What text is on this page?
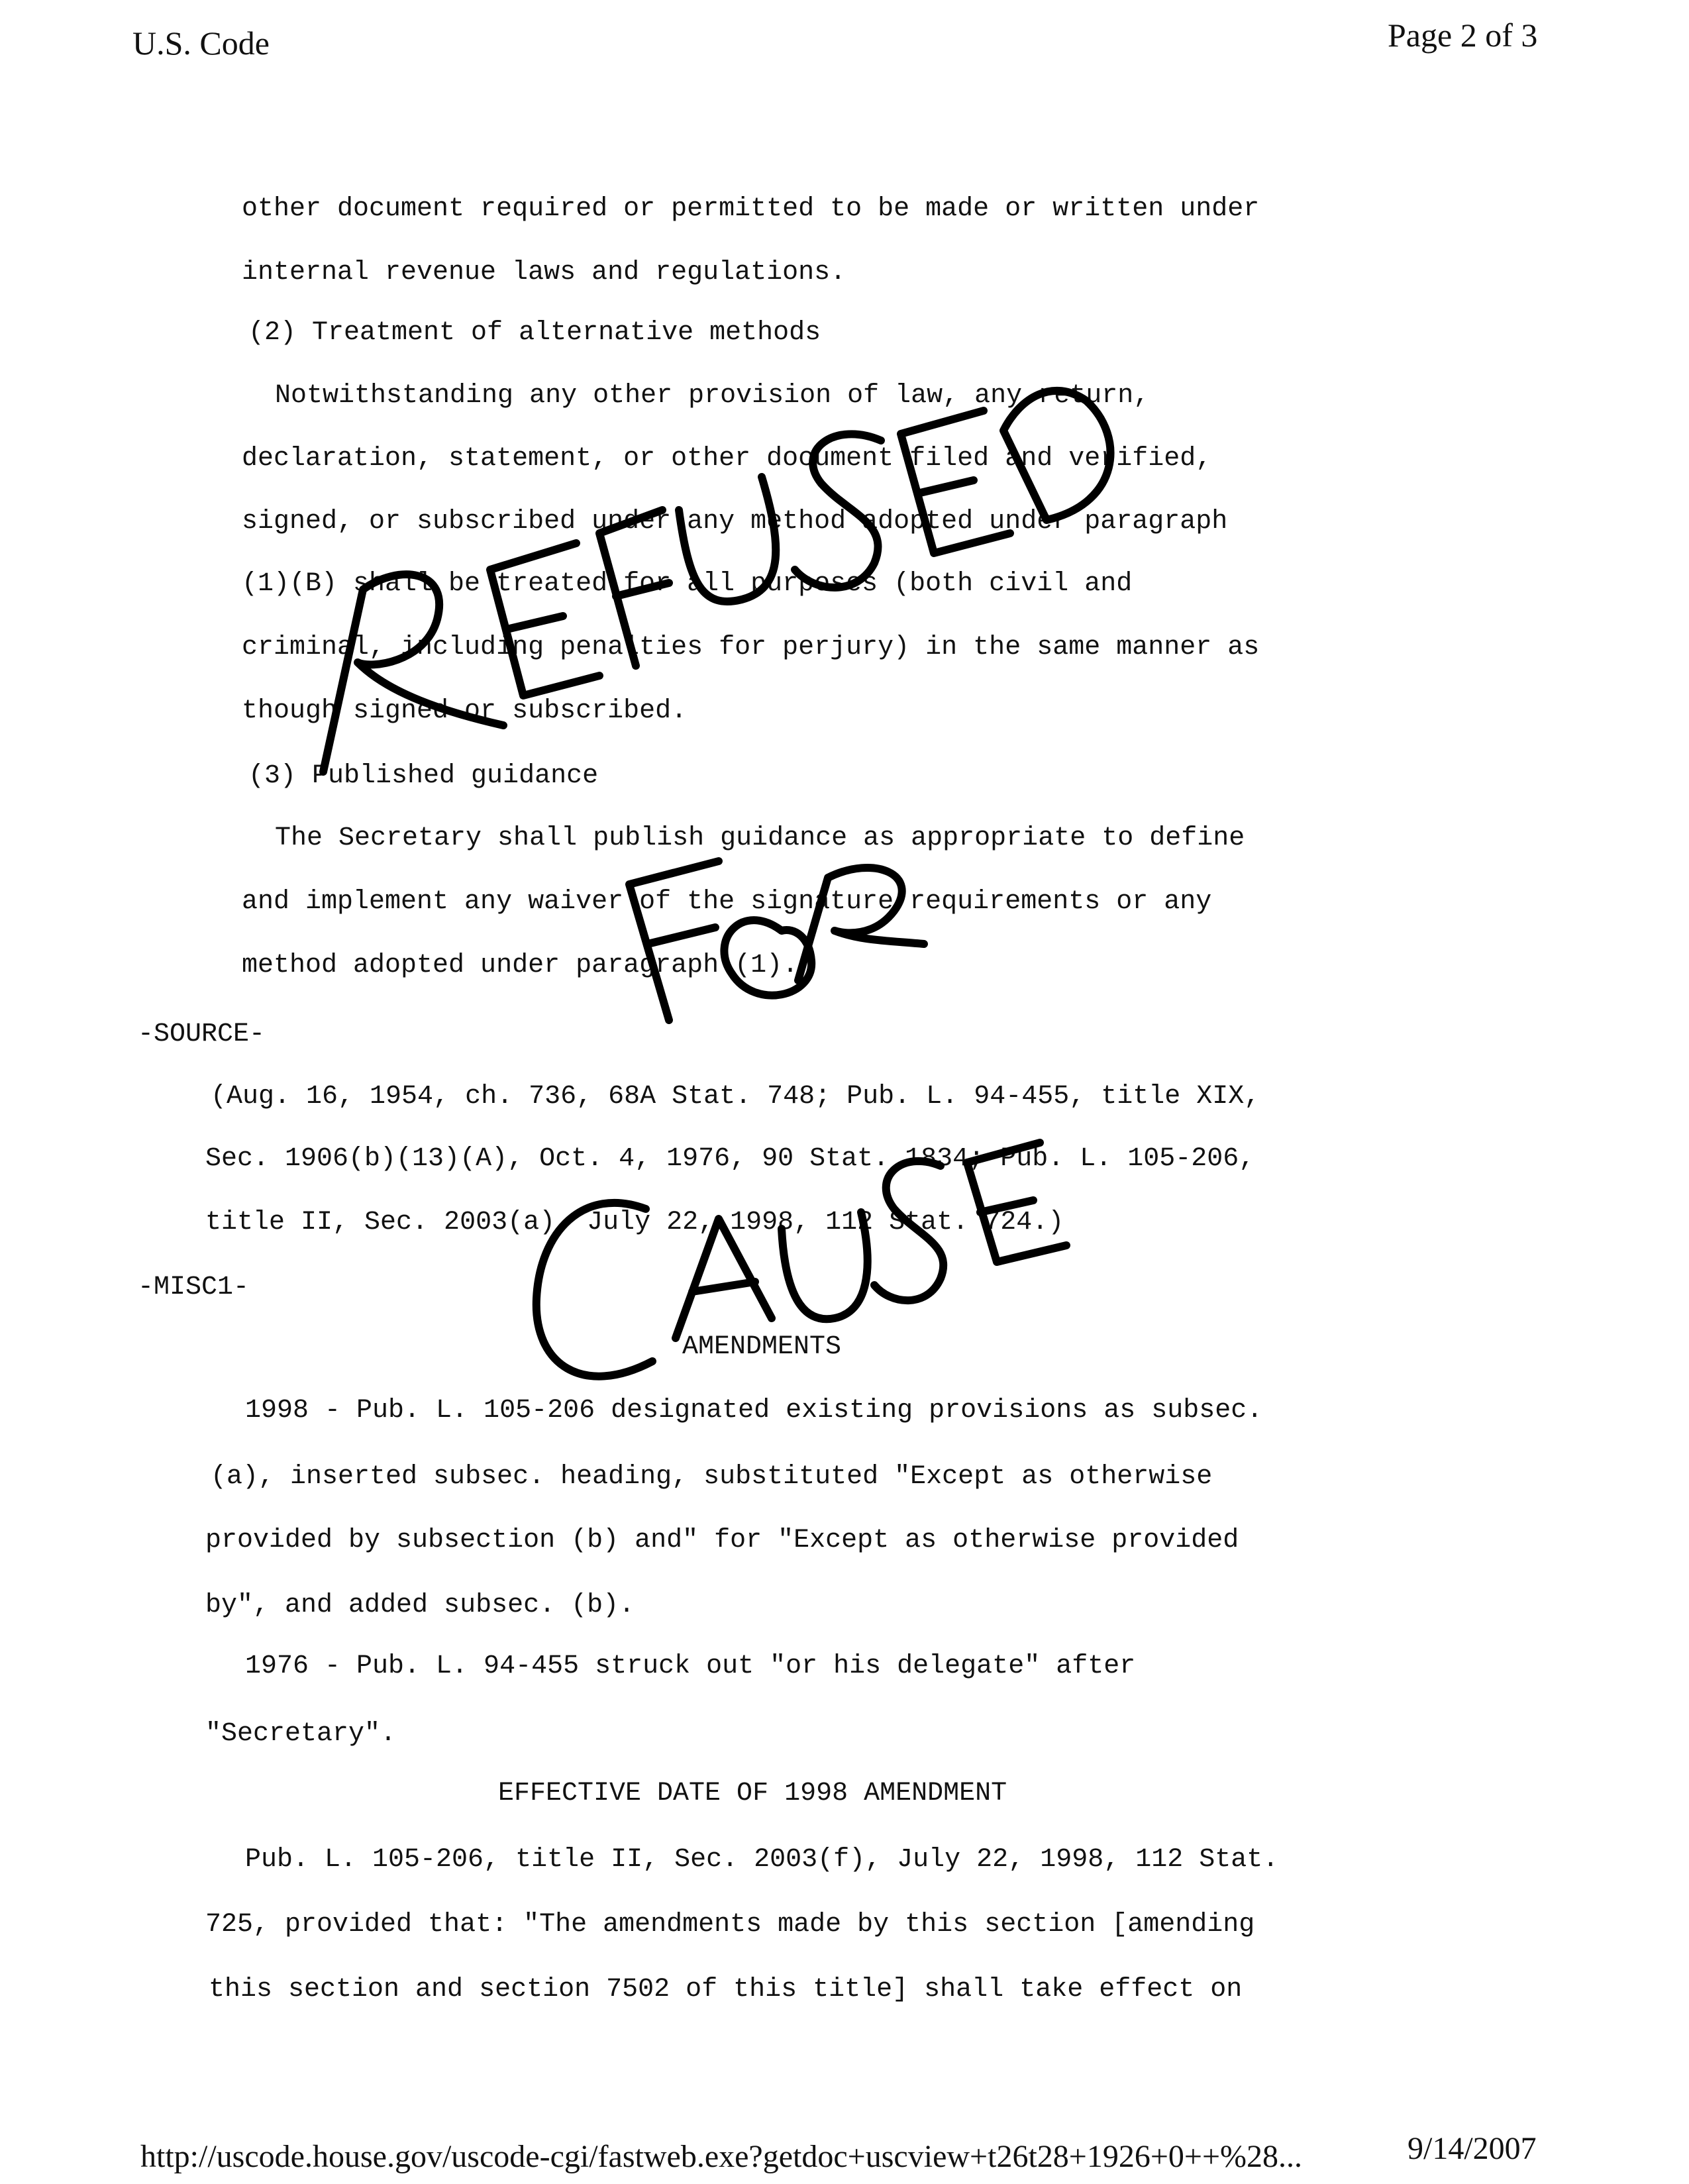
U.S. Code	Page 2 of 3
other document required or permitted to be made or written under
internal revenue laws and regulations.
(2) Treatment of alternative methods
Notwithstanding any other provision of law, any return,
declaration, statement, or other document filed and verified,
signed, or subscribed under any method adopted under paragraph
(1)(B) shall be treated for all purposes (both civil and
criminal, including penalties for perjury) in the same manner as
though signed or subscribed.
(3) Published guidance
The Secretary shall publish guidance as appropriate to define
and implement any waiver of the signature requirements or any
method adopted under paragraph (1).
-SOURCE-
(Aug. 16, 1954, ch. 736, 68A Stat. 748; Pub. L. 94-455, title XIX,
Sec. 1906(b)(13)(A), Oct. 4, 1976, 90 Stat. 1834; Pub. L. 105-206,
title II, Sec. 2003(a), July 22, 1998, 112 Stat. 724.)
-MISC1-
AMENDMENTS
1998 - Pub. L. 105-206 designated existing provisions as subsec.
(a), inserted subsec. heading, substituted "Except as otherwise
provided by subsection (b) and" for "Except as otherwise provided
by", and added subsec. (b).
1976 - Pub. L. 94-455 struck out "or his delegate" after
"Secretary".
EFFECTIVE DATE OF 1998 AMENDMENT
Pub. L. 105-206, title II, Sec. 2003(f), July 22, 1998, 112 Stat.
725, provided that: "The amendments made by this section [amending
this section and section 7502 of this title] shall take effect on
http://uscode.house.gov/uscode-cgi/fastweb.exe?getdoc+uscview+t26t28+1926+0++%28...	9/14/2007
